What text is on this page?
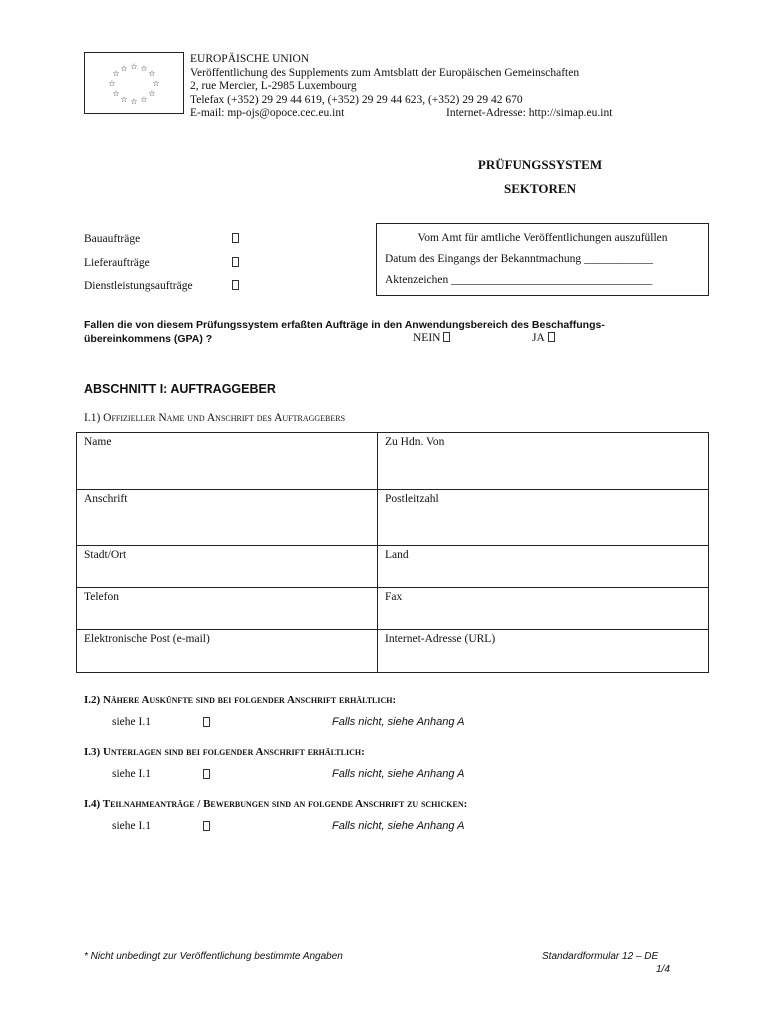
☆ ☆
☆
☆
☆
☆
☆
☆
☆
☆
☆
☆
EUROPÄISCHE UNION
Veröffentlichung des Supplements zum Amtsblatt der Europäischen Gemeinschaften
2, rue Mercier, L-2985 Luxembourg
Telefax (+352) 29 29 44 619, (+352) 29 29 44 623, (+352) 29 29 42 670
E-mail: mp-ojs@opoce.cec.eu.int	Internet-Adresse: http://simap.eu.int
PRÜFUNGSSYSTEM
SEKTOREN
Bauaufträge
Lieferaufträge
Dienstleistungsaufträge
Vom Amt für amtliche Veröffentlichungen auszufüllen
Datum des Eingangs der Bekanntmachung ____________
Aktenzeichen ___________________________________
Fallen die von diesem Prüfungssystem erfaßten Aufträge in den Anwendungsbereich des Beschaffungs-übereinkommens (GPA) ?	NEIN	JA
ABSCHNITT I: AUFTRAGGEBER
I.1) Offizieller Name und Anschrift des Auftraggebers
Name	Zu Hdn. Von
Anschrift	Postleitzahl
Stadt/Ort	Land
Telefon	Fax
Elektronische Post (e-mail)	Internet-Adresse (URL)
I.2) Nähere Auskünfte sind bei folgender Anschrift erhältlich:
siehe I.1	Falls nicht, siehe Anhang A
I.3) Unterlagen sind bei folgender Anschrift erhältlich:
siehe I.1	Falls nicht, siehe Anhang A
I.4) Teilnahmeanträge / Bewerbungen sind an folgende Anschrift zu schicken:
siehe I.1	Falls nicht, siehe Anhang A
* Nicht unbedingt zur Veröffentlichung bestimmte Angaben	Standardformular 12 – DE
1/4
